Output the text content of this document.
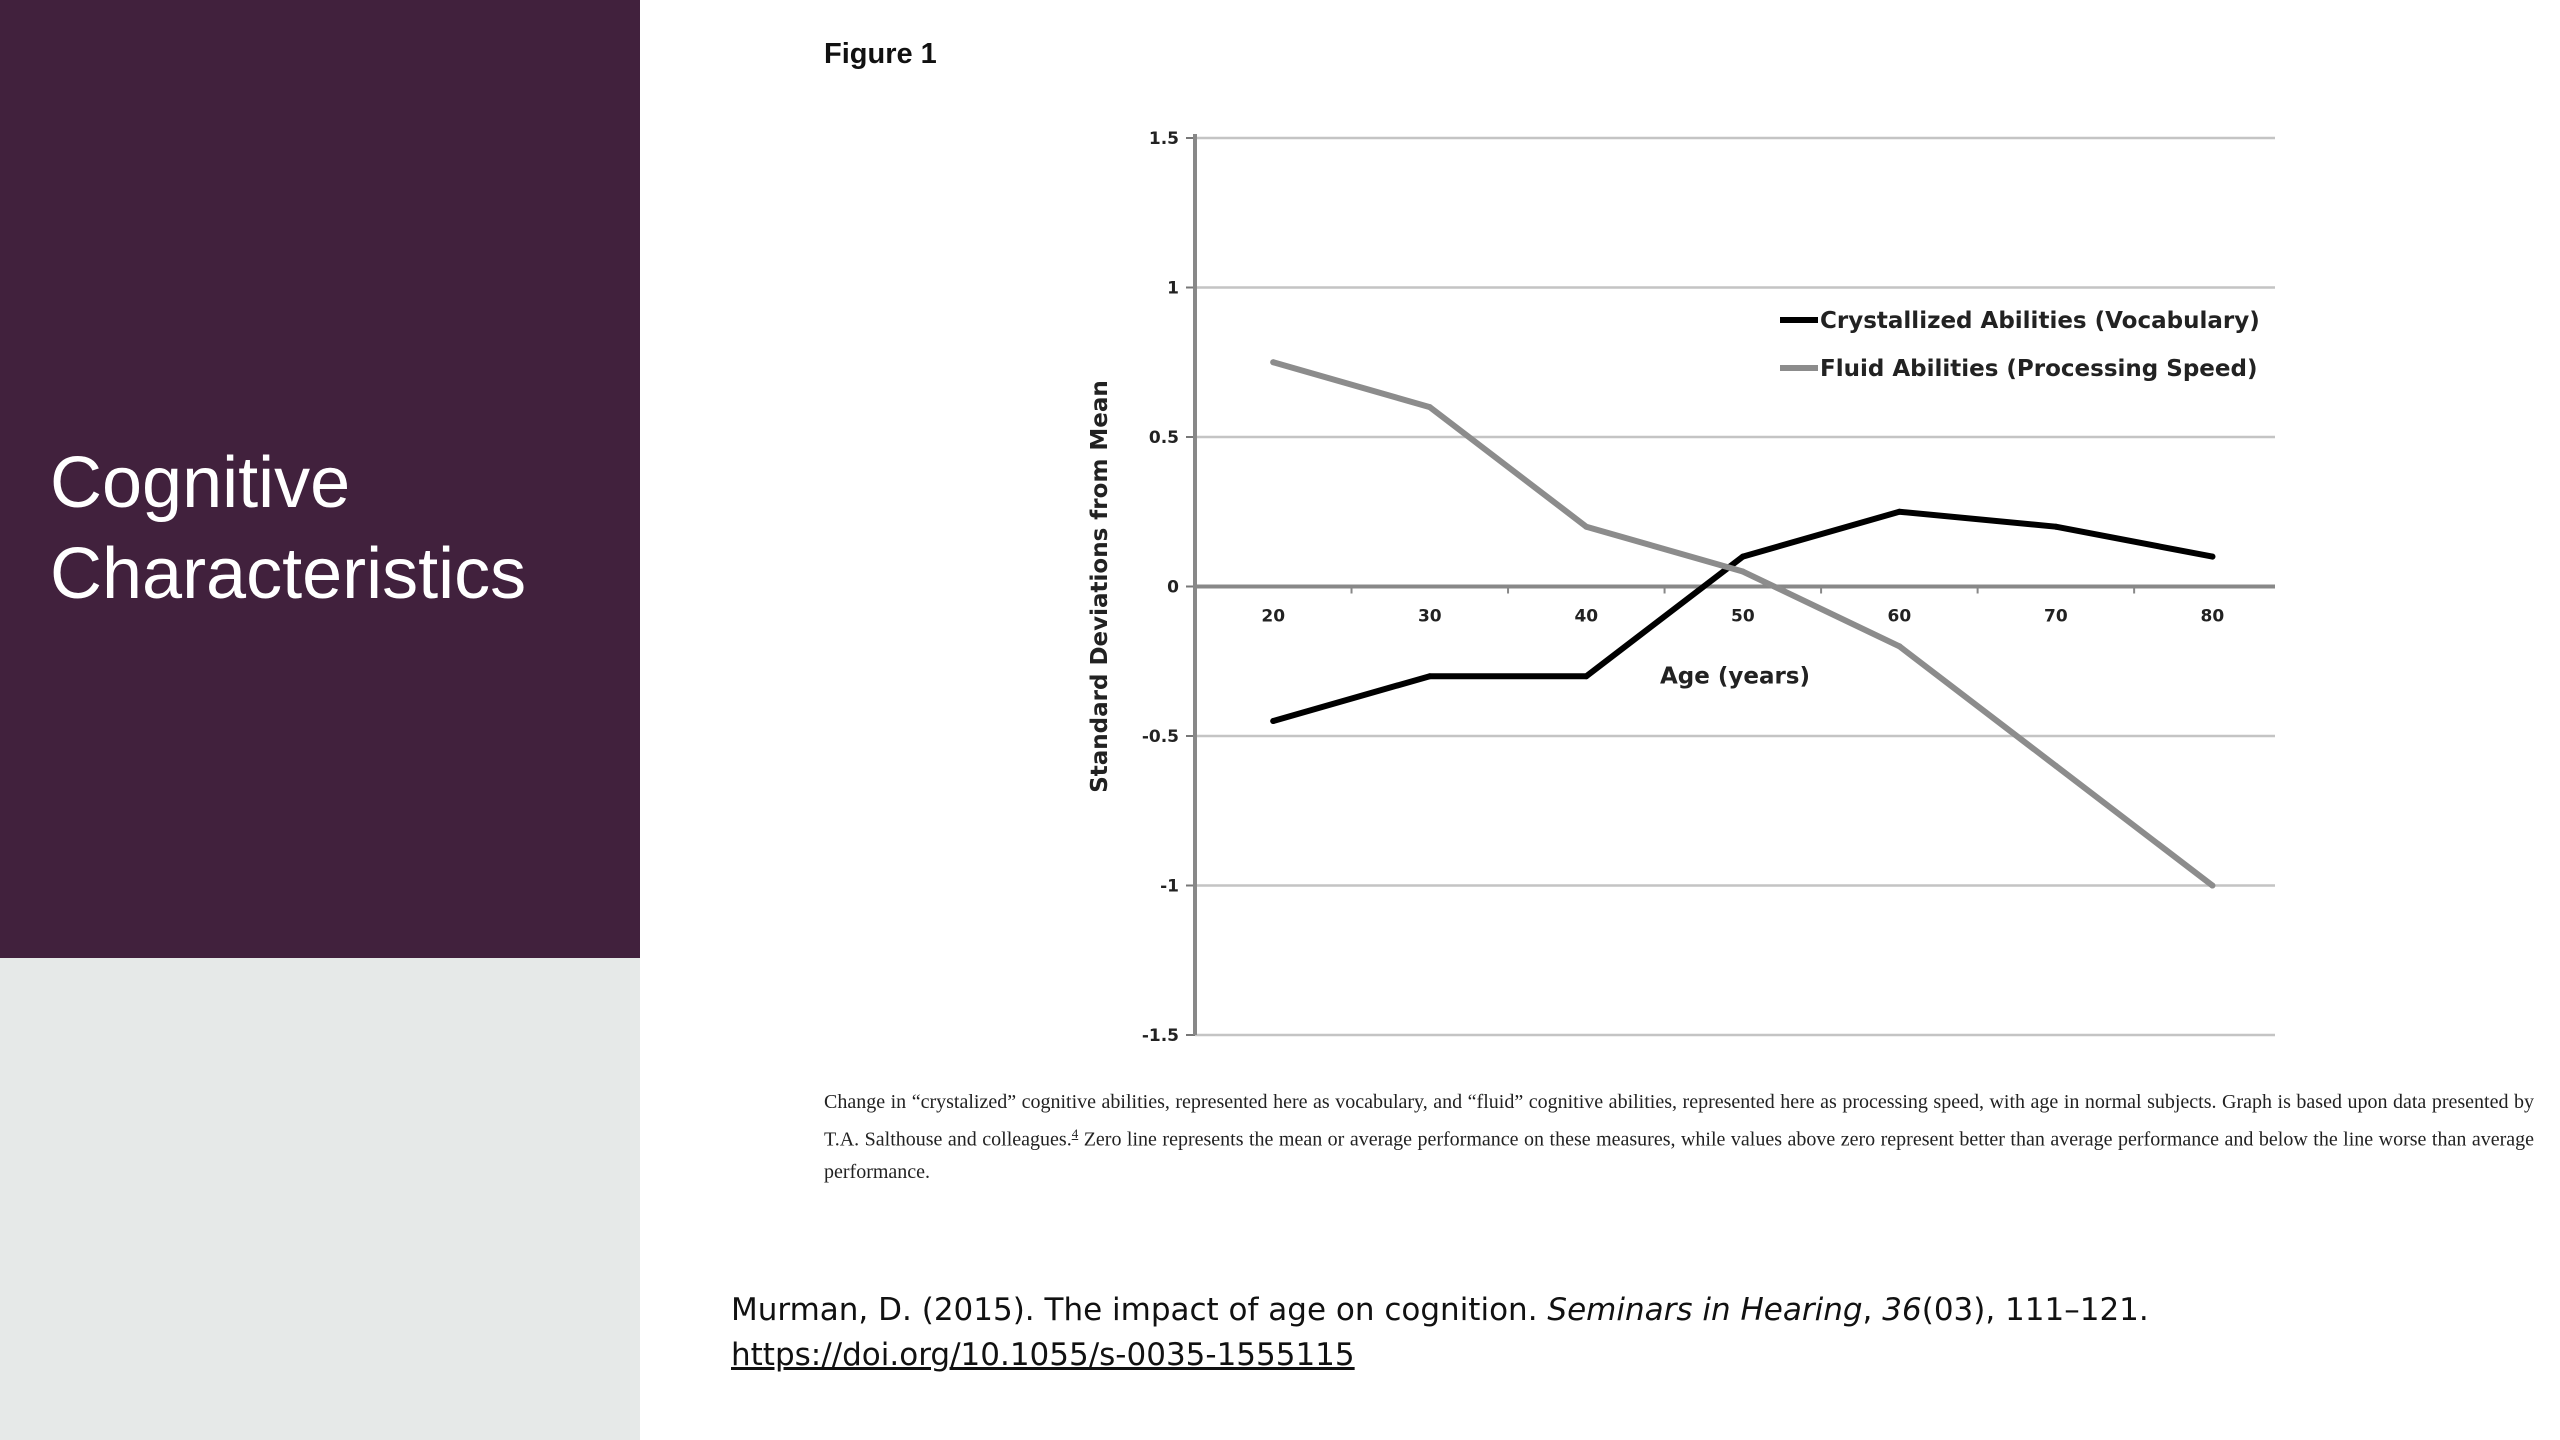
Cognitive
Characteristics
Figure 1
1.5
1
0.5
0
-0.5
-1
-1.5
20	30	40	50	60	70	80
Age (years)
Standard Deviations from Mean
Crystallized Abilities (Vocabulary)
Fluid Abilities (Processing Speed)
Change in “crystalized” cognitive abilities, represented here as vocabulary, and “fluid” cognitive abilities, represented here as processing speed, with age in normal subjects. Graph is based upon data presented by T.A. Salthouse and colleagues.$^4$ Zero line represents the mean or average performance on these measures, while values above zero represent better than average performance and below the line worse than average performance.
Murman, D. (2015). The impact of age on cognition. Seminars in Hearing, 36(03), 111–121.
https://doi.org/10.1055/s-0035-1555115
